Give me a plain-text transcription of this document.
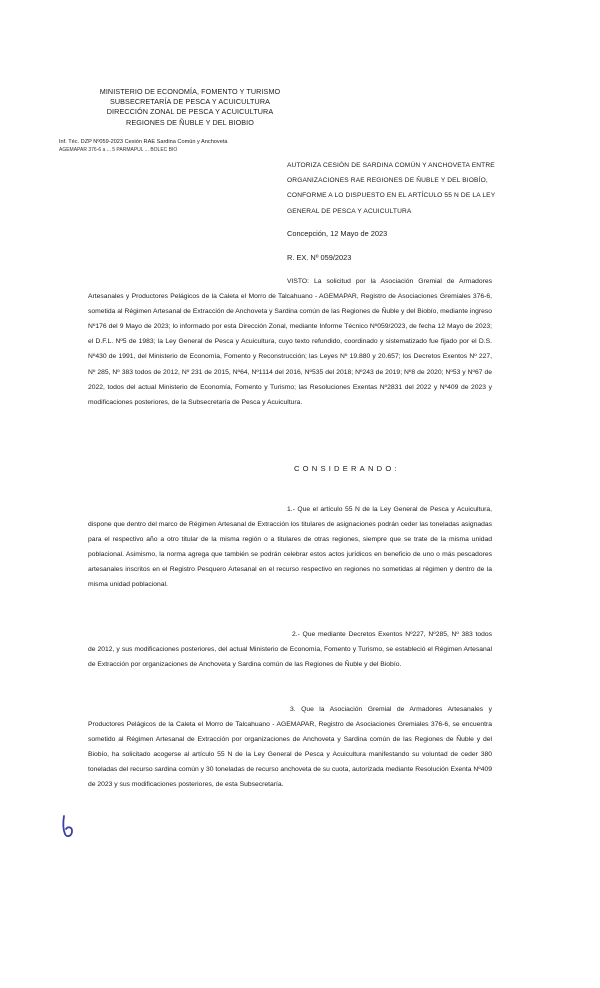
MINISTERIO DE ECONOMÍA, FOMENTO Y TURISMO
SUBSECRETARÍA DE PESCA Y ACUICULTURA
DIRECCIÓN ZONAL DE PESCA Y ACUICULTURA
REGIONES DE ÑUBLE Y DEL BIOBIO
Inf. Téc. DZP Nº059-2023 Cesión RAE Sardina Común y Anchoveta
AGEMAPAR 376-6 a ... 5 PARMAPUL ... BOLEC BIO
AUTORIZA CESIÓN DE SARDINA COMÚN Y ANCHOVETA ENTRE ORGANIZACIONES RAE REGIONES DE ÑUBLE Y DEL BIOBÍO, CONFORME A LO DISPUESTO EN EL ARTÍCULO 55 N DE LA LEY GENERAL DE PESCA Y ACUICULTURA
Concepción, 12 Mayo de 2023
R. EX. Nº 059/2023
VISTO: La solicitud por la Asociación Gremial de Armadores Artesanales y Productores Pelágicos de la Caleta el Morro de Talcahuano - AGEMAPAR, Registro de Asociaciones Gremiales 376-6, sometida al Régimen Artesanal de Extracción de Anchoveta y Sardina común de las Regiones de Ñuble y del Biobío, mediante ingreso Nº176 del 9 Mayo de 2023; lo informado por esta Dirección Zonal, mediante Informe Técnico Nº059/2023, de fecha 12 Mayo de 2023; el D.F.L. Nº5 de 1983; la Ley General de Pesca y Acuicultura, cuyo texto refundido, coordinado y sistematizado fue fijado por el D.S. Nº430 de 1991, del Ministerio de Economía, Fomento y Reconstrucción; las Leyes Nº 19.880 y 20.657; los Decretos Exentos Nº 227, Nº 285, Nº 383 todos de 2012, Nº 231 de 2015, Nº64, Nº1114 del 2016, Nº535 del 2018; Nº243 de 2019; Nº8 de 2020; Nº53 y Nº67 de 2022, todos del actual Ministerio de Economía, Fomento y Turismo; las Resoluciones Exentas Nº2831 del 2022 y Nº409 de 2023 y modificaciones posteriores, de la Subsecretaría de Pesca y Acuicultura.
CONSIDERANDO:
1.- Que el artículo 55 N de la Ley General de Pesca y Acuicultura, dispone que dentro del marco de Régimen Artesanal de Extracción los titulares de asignaciones podrán ceder las toneladas asignadas para el respectivo año a otro titular de la misma región o a titulares de otras regiones, siempre que se trate de la misma unidad poblacional. Asimismo, la norma agrega que también se podrán celebrar estos actos jurídicos en beneficio de uno o más pescadores artesanales inscritos en el Registro Pesquero Artesanal en el recurso respectivo en regiones no sometidas al régimen y dentro de la misma unidad poblacional.
2.- Que mediante Decretos Exentos Nº227, Nº285, Nº 383 todos de 2012, y sus modificaciones posteriores, del actual Ministerio de Economía, Fomento y Turismo, se estableció el Régimen Artesanal de Extracción por organizaciones de Anchoveta y Sardina común de las Regiones de Ñuble y del Biobío.
3. Que la Asociación Gremial de Armadores Artesanales y Productores Pelágicos de la Caleta el Morro de Talcahuano - AGEMAPAR, Registro de Asociaciones Gremiales 376-6, se encuentra sometido al Régimen Artesanal de Extracción por organizaciones de Anchoveta y Sardina común de las Regiones de Ñuble y del Biobío, ha solicitado acogerse al artículo 55 N de la Ley General de Pesca y Acuicultura manifestando su voluntad de ceder 380 toneladas del recurso sardina común y 30 toneladas de recurso anchoveta de su cuota, autorizada mediante Resolución Exenta Nº409 de 2023 y sus modificaciones posteriores, de esta Subsecretaría.
